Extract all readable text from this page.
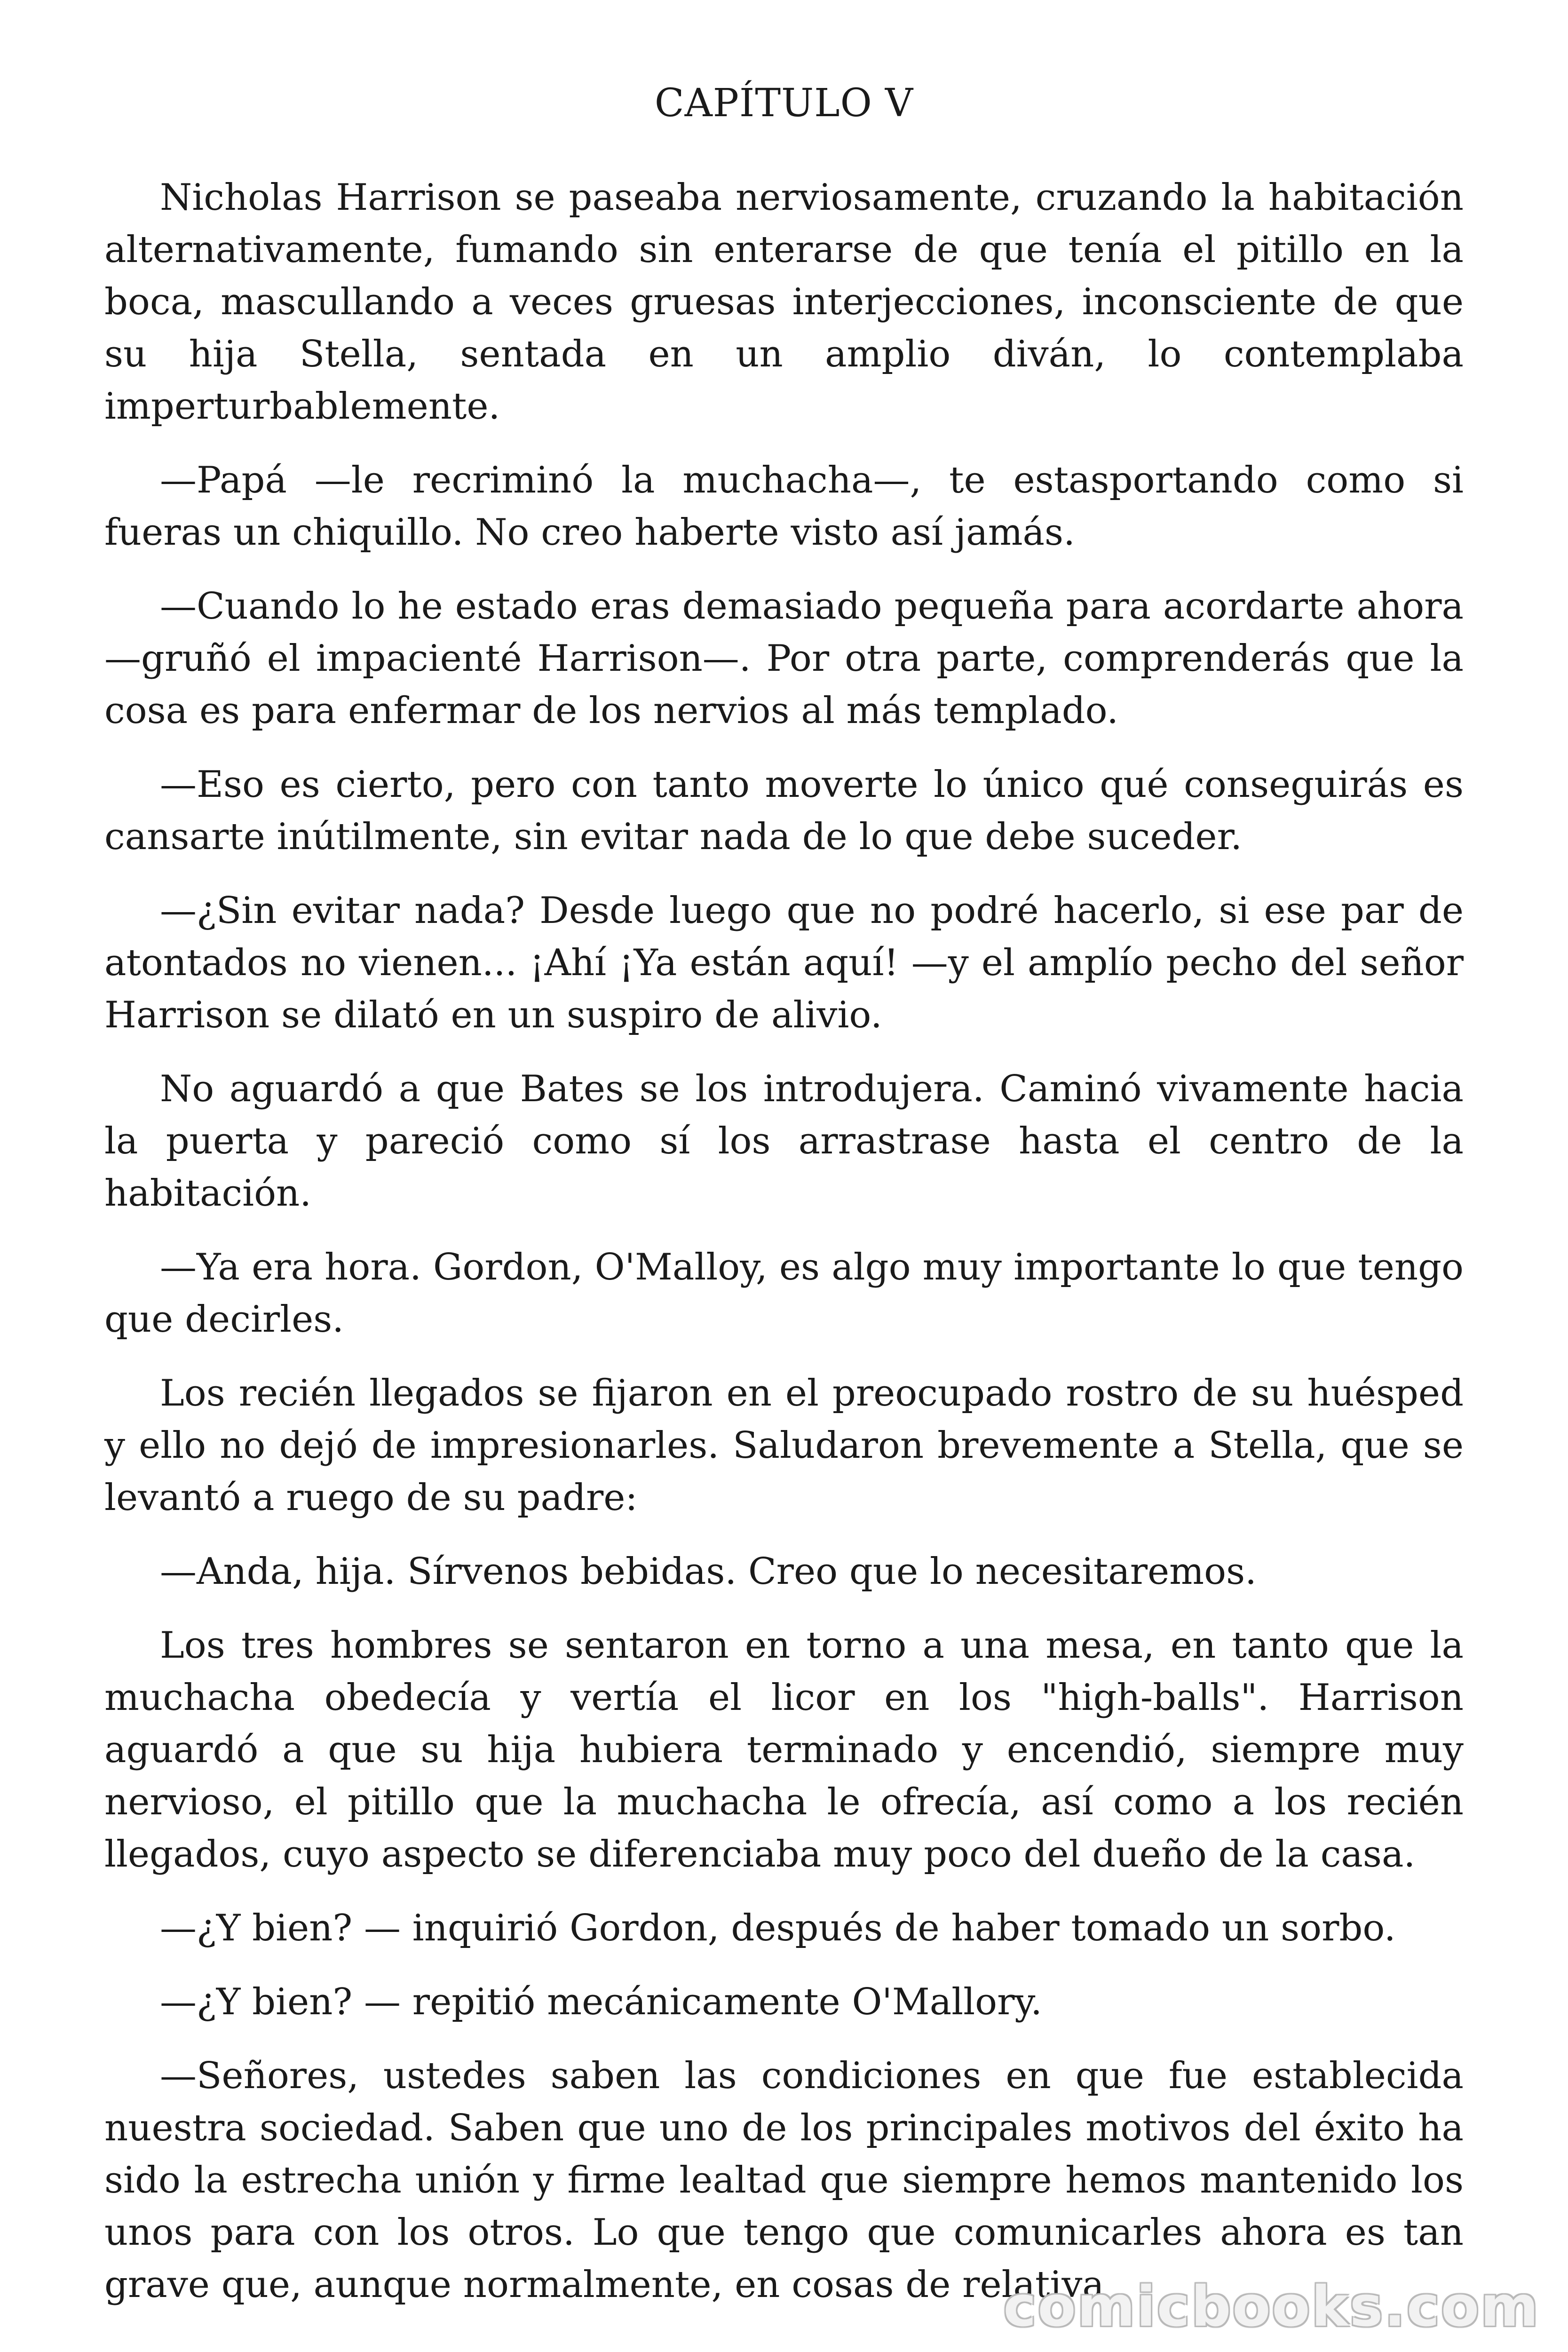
CAPÍTULO V

Nicholas Harrison se paseaba nerviosamente, cruzando la habitación alternativamente, fumando sin enterarse de que tenía el pitillo en la boca, mascullando a veces gruesas interjecciones, inconsciente de que su hija Stella, sentada en un amplio diván, lo contemplaba imperturbablemente.

—Papá —le recriminó la muchacha—, te estasportando como si fueras un chiquillo. No creo haberte visto así jamás.

—Cuando lo he estado eras demasiado pequeña para acordarte ahora —gruñó el impacienté Harrison—. Por otra parte, comprenderás que la cosa es para enfermar de los nervios al más templado.

—Eso es cierto, pero con tanto moverte lo único qué conseguirás es cansarte inútilmente, sin evitar nada de lo que debe suceder.

—¿Sin evitar nada? Desde luego que no podré hacerlo, si ese par de atontados no vienen... ¡Ahí ¡Ya están aquí! —y el amplío pecho del señor Harrison se dilató en un suspiro de alivio.

No aguardó a que Bates se los introdujera. Caminó vivamente hacia la puerta y pareció como sí los arrastrase hasta el centro de la habitación.

—Ya era hora. Gordon, O'Malloy, es algo muy importante lo que tengo que decirles.

Los recién llegados se fijaron en el preocupado rostro de su huésped y ello no dejó de impresionarles. Saludaron brevemente a Stella, que se levantó a ruego de su padre:

—Anda, hija. Sírvenos bebidas. Creo que lo necesitaremos.

Los tres hombres se sentaron en torno a una mesa, en tanto que la muchacha obedecía y vertía el licor en los "high-balls". Harrison aguardó a que su hija hubiera terminado y encendió, siempre muy nervioso, el pitillo que la muchacha le ofrecía, así como a los recién llegados, cuyo aspecto se diferenciaba muy poco del dueño de la casa.

—¿Y bien? — inquirió Gordon, después de haber tomado un sorbo.

—¿Y bien? — repitió mecánicamente O'Mallory.

—Señores, ustedes saben las condiciones en que fue establecida nuestra sociedad. Saben que uno de los principales motivos del éxito ha sido la estrecha unión y firme lealtad que siempre hemos mantenido los unos para con los otros. Lo que tengo que comunicarles ahora es tan grave que, aunque normalmente, en cosas de relativa

comicbooks.com
